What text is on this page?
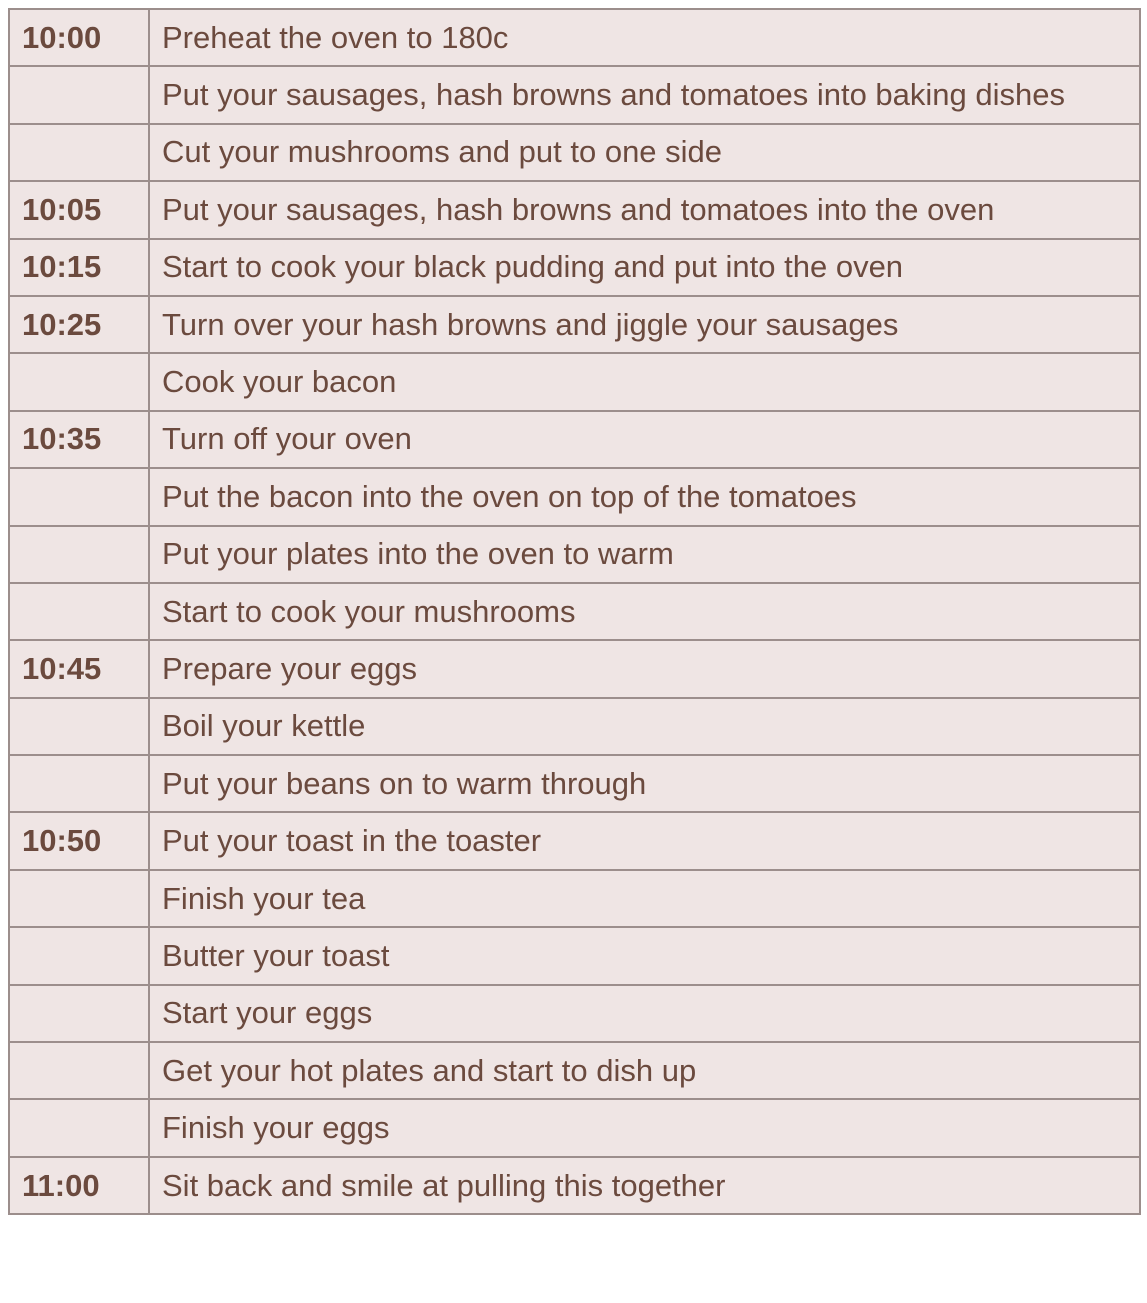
10:00	Preheat the oven to 180c
	Put your sausages, hash browns and tomatoes into baking dishes
	Cut your mushrooms and put to one side
10:05	Put your sausages, hash browns and tomatoes into the oven
10:15	Start to cook your black pudding and put into the oven
10:25	Turn over your hash browns and jiggle your sausages
	Cook your bacon
10:35	Turn off your oven
	Put the bacon into the oven on top of the tomatoes
	Put your plates into the oven to warm
	Start to cook your mushrooms
10:45	Prepare your eggs
	Boil your kettle
	Put your beans on to warm through
10:50	Put your toast in the toaster
	Finish your tea
	Butter your toast
	Start your eggs
	Get your hot plates and start to dish up
	Finish your eggs
11:00	Sit back and smile at pulling this together
